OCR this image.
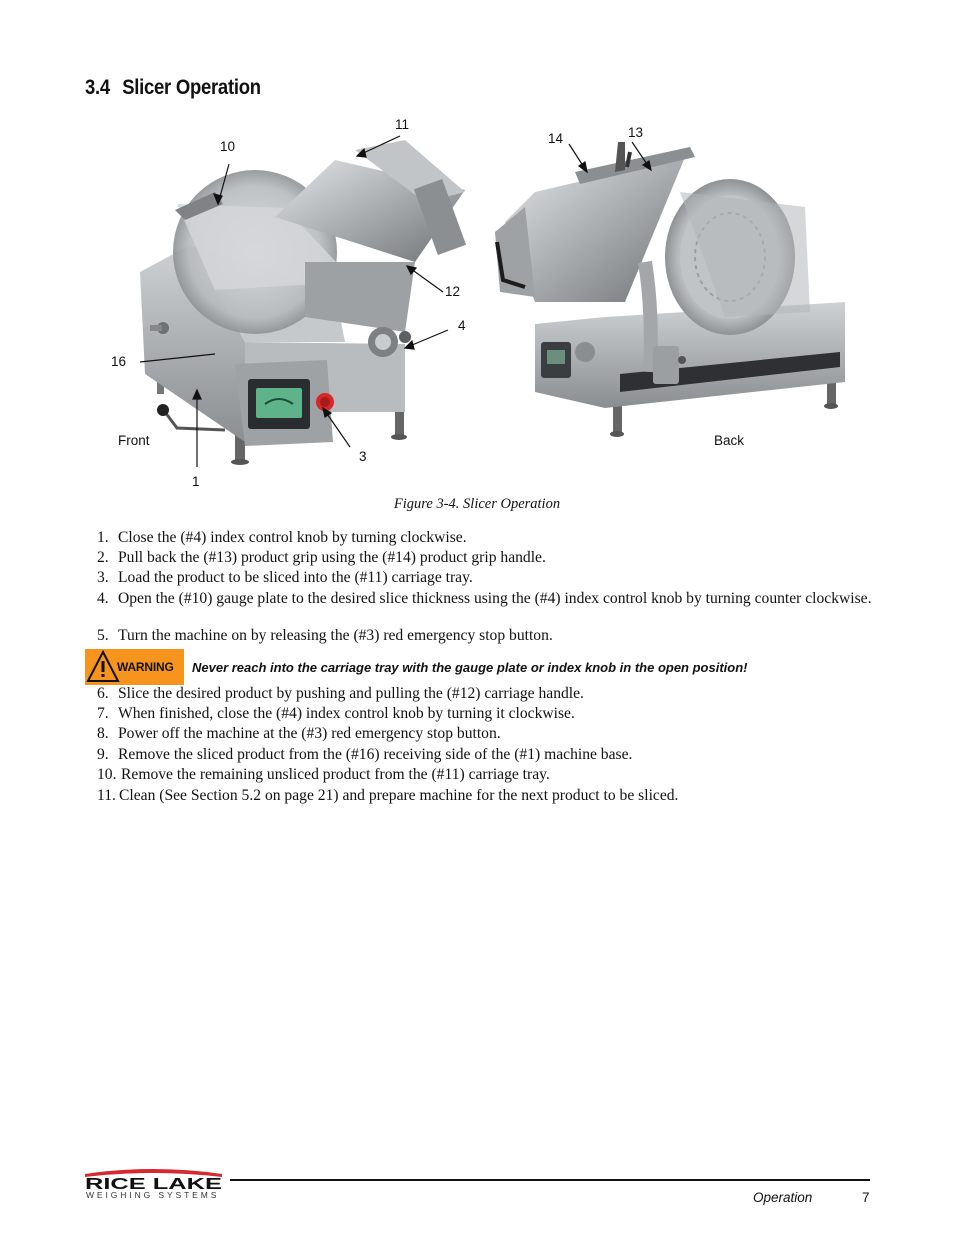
3.4 Slicer Operation
10
11
12
4
16
3
1
14	13
Front	Back
Figure 3-4. Slicer Operation
1. Close the (#4) index control knob by turning clockwise.
2. Pull back the (#13) product grip using the (#14) product grip handle.
3. Load the product to be sliced into the (#11) carriage tray.
4. Open the (#10) gauge plate to the desired slice thickness using the (#4) index control knob by turning counter clockwise.
5. Turn the machine on by releasing the (#3) red emergency stop button.
WARNING Never reach into the carriage tray with the gauge plate or index knob in the open position!
6. Slice the desired product by pushing and pulling the (#12) carriage handle.
7. When finished, close the (#4) index control knob by turning it clockwise.
8. Power off the machine at the (#3) red emergency stop button.
9. Remove the sliced product from the (#16) receiving side of the (#1) machine base.
10. Remove the remaining unsliced product from the (#11) carriage tray.
11. Clean (See Section 5.2 on page 21) and prepare machine for the next product to be sliced.
RICE LAKE
WEIGHING SYSTEMS	Operation	7
